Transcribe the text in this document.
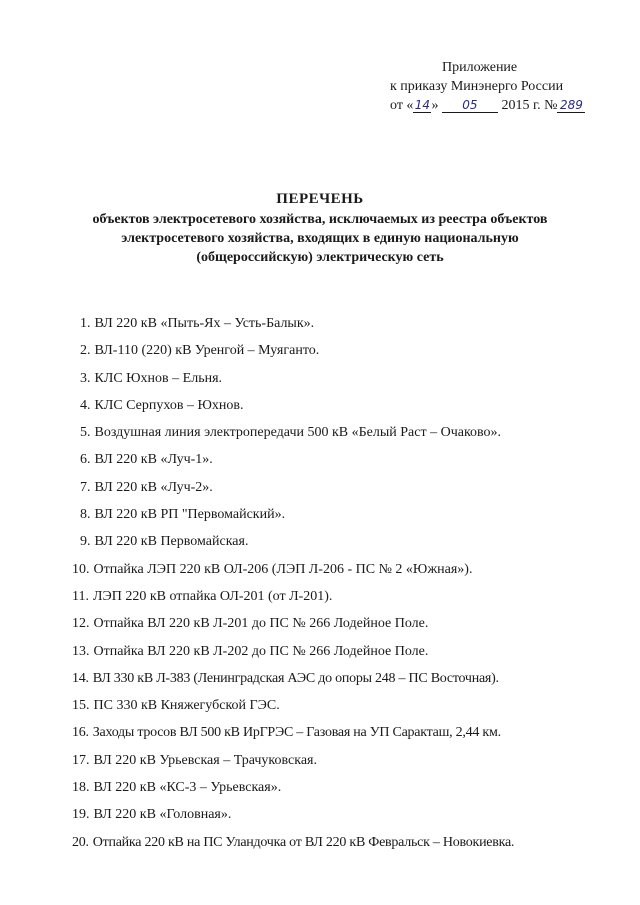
Приложение
к приказу Минэнерго России
от «14» 05 2015 г. № 289
ПЕРЕЧЕНЬ
объектов электросетевого хозяйства, исключаемых из реестра объектов
электросетевого хозяйства, входящих в единую национальную
(общероссийскую) электрическую сеть
1. ВЛ 220 кВ «Пыть-Ях – Усть-Балык».
2. ВЛ-110 (220) кВ Уренгой – Муяганто.
3. КЛС Юхнов – Ельня.
4. КЛС Серпухов – Юхнов.
5. Воздушная линия электропередачи 500 кВ «Белый Раст – Очаково».
6. ВЛ 220 кВ «Луч-1».
7. ВЛ 220 кВ «Луч-2».
8. ВЛ 220 кВ РП "Первомайский».
9. ВЛ 220 кВ Первомайская.
10. Отпайка ЛЭП 220 кВ ОЛ-206 (ЛЭП Л-206 - ПС № 2 «Южная»).
11. ЛЭП 220 кВ отпайка ОЛ-201 (от Л-201).
12. Отпайка ВЛ 220 кВ Л-201 до ПС № 266 Лодейное Поле.
13. Отпайка ВЛ 220 кВ Л-202 до ПС № 266 Лодейное Поле.
14. ВЛ 330 кВ Л-383 (Ленинградская АЭС до опоры 248 – ПС Восточная).
15. ПС 330 кВ Княжегубской ГЭС.
16. Заходы тросов ВЛ 500 кВ ИрГРЭС – Газовая на УП Саракташ, 2,44 км.
17. ВЛ 220 кВ Урьевская – Трачуковская.
18. ВЛ 220 кВ «КС-3 – Урьевская».
19. ВЛ 220 кВ «Головная».
20. Отпайка 220 кВ на ПС Уландочка от ВЛ 220 кВ Февральск – Новокиевка.
